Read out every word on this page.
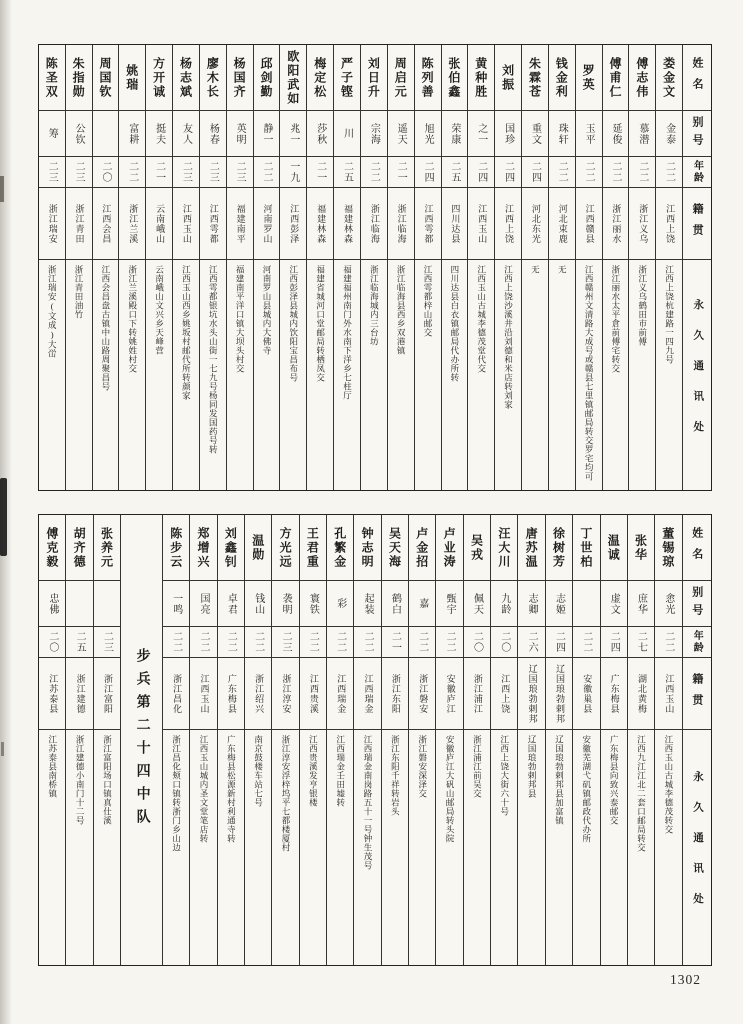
姓名
别号
年龄
籍贯
永久通讯处
娄金文
金泰
二二
江西上饶
江西上饶杭建路一四九号
傅志伟
慕潜
二二
浙江义乌
浙江义乌鹤田市前傅
傅甫仁
延俊
二二
浙江丽水
浙江丽水太平倉前傅宅转交
罗英
玉平
二二
江西赣县
江西赣州文清路大成号或赣县七里镇邮局转交罗宅均可
钱金利
珠轩
二二
河北束鹿
无
朱霖苍
重文
二四
河北东光
无
刘振
国珍
二四
江西上饶
江西上饶沙溪井沿刘德和米店转刘家
黄种胜
之一
二四
江西玉山
江西玉山古城李德茂堂代交
张伯鑫
荣康
二五
四川达县
四川达县白衣镇邮局代办所转
陈列善
旭光
二四
江西雩都
江西雩都梓山邮交
周启元
遥天
二一
浙江临海
浙江临海县西乡双港镇
刘日升
宗海
二二
浙江临海
浙江临海城内三台坊
严子铿
川
二五
福建林森
福建福州南门外水南下洋乡七柱厅
梅定松
莎秋
二一
福建林森
福建省城河口堂邮局转栖凤交
欧阳武如
兆一
一九
江西彭泽
江西彭泽县城内饮阳宝昌布号
邱剑勤
静一
二二
河南罗山
河南罗山县城内大佛寺
杨国齐
英明
二三
福建南平
福建南平洋口镇大坝头村交
廖木长
杨春
二三
江西雩都
江西雩都银坑水头山街一七九号杨同发国药号转
杨志斌
友人
二三
江西玉山
江西玉山西乡姚坂村邮代所转颜家
方开诚
挺夫
二一
云南峨山
云南峨山文兴乡天峰营
姚瑞
富耕
二二
浙江兰溪
浙江兰溪殿口下转姚姓村交
周国钦
二〇
江西会昌
江西会昌盘古镇中山路周聚昌号
朱指勋
公钦
二三
浙江青田
浙江青田油竹
陈圣双
筹
二三
浙江瑞安
浙江瑞安(文成)大峃
姓名
别号
年龄
籍贯
永久通讯处
董锡琼
悆光
二二
江西玉山
江西玉山古城李德茂转交
张华
庶华
二七
湖北黄梅
江西九江江北二套口邮局转交
温诚
虚文
二四
广东梅县
广东梅县向致兴泰邮交
丁世柏
二二
安徽巢县
安徽芜湖弋矶镇邮政代办所
徐树芳
志姬
二四
辽国琅勃剌邦
辽国琅勃剌邦县加富镇
唐苏温
志卿
二六
辽国琅勃剌邦
辽国琅勃剌邦县
汪大川
九龄
二〇
江西上饶
江西上饶大街六十号
吴戎
佩天
二〇
浙江浦江
浙江浦江前吴交
卢业涛
甄宇
二二
安徽庐江
安徽庐江大矾山邮局转头院
卢金招
嘉
二二
浙江磐安
浙江磐安深泽交
吴天海
鹤白
二一
浙江东阳
浙江东阳千祥转岩头
钟志明
起装
二二
江西瑞金
江西瑞金南岗路五十一号钟生茂号
孔繁金
彩
二二
江西瑞金
江西瑞金壬田墟转
王君重
寰铁
二二
江西贵溪
江西贵溪发亨银楼
方光远
袭明
二三
浙江淳安
浙江淳安浮梓坞平七都楼厦村
温勋
钱山
二二
浙江绍兴
南京鼓楼车站七号
刘鑫钊
卓君
二二
广东梅县
广东梅县松源新村利通寺转
郑增兴
国亮
二二
江西玉山
江西玉山城内圣文堂笔店转
陈步云
一鸣
二二
浙江昌化
浙江昌化颊口镇转浙门乡山边
步兵第二十四中队
张养元
二三
浙江富阳
浙江富阳场口镇真仕溪
胡齐德
二五
浙江建德
浙江建德小南门十二号
傅克毅
忠佛
二〇
江苏泰县
江苏泰县南桥镇
1302
